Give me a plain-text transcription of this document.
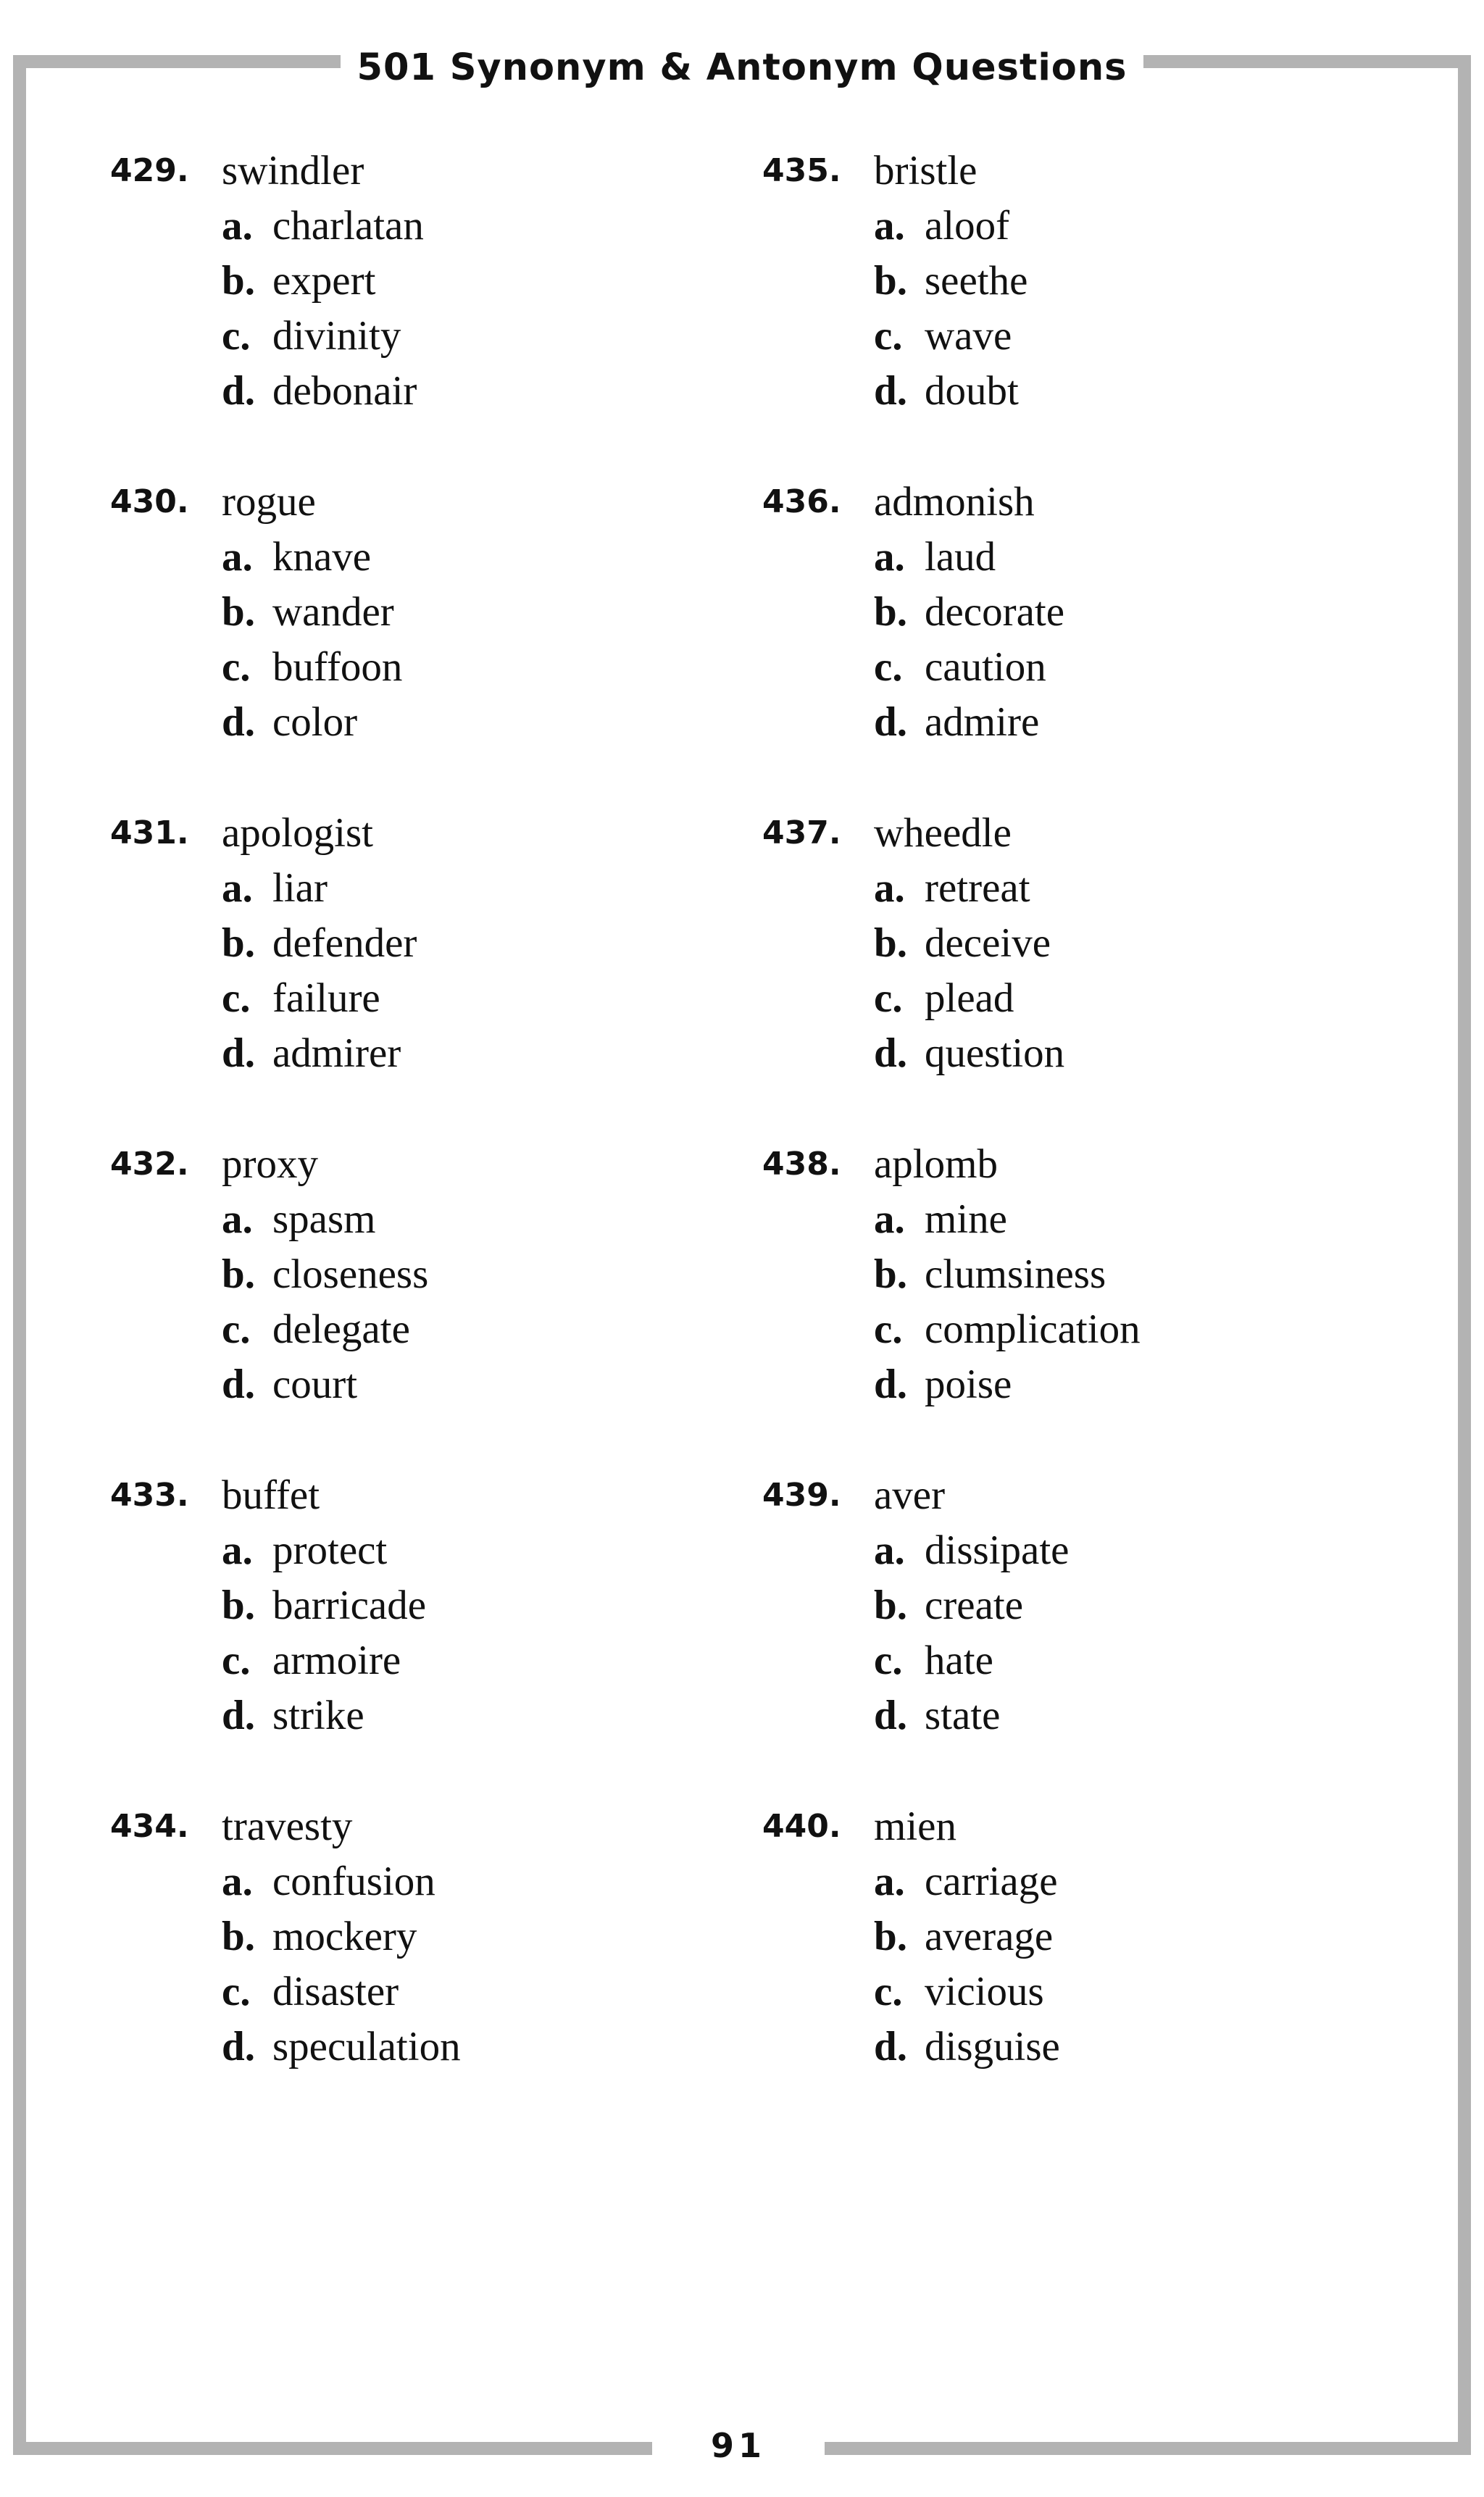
501 Synonym & Antonym Questions
429. swindler
a. charlatan
b. expert
c. divinity
d. debonair
430. rogue
a. knave
b. wander
c. buffoon
d. color
431. apologist
a. liar
b. defender
c. failure
d. admirer
432. proxy
a. spasm
b. closeness
c. delegate
d. court
433. buffet
a. protect
b. barricade
c. armoire
d. strike
434. travesty
a. confusion
b. mockery
c. disaster
d. speculation
435. bristle
a. aloof
b. seethe
c. wave
d. doubt
436. admonish
a. laud
b. decorate
c. caution
d. admire
437. wheedle
a. retreat
b. deceive
c. plead
d. question
438. aplomb
a. mine
b. clumsiness
c. complication
d. poise
439. aver
a. dissipate
b. create
c. hate
d. state
440. mien
a. carriage
b. average
c. vicious
d. disguise
91
